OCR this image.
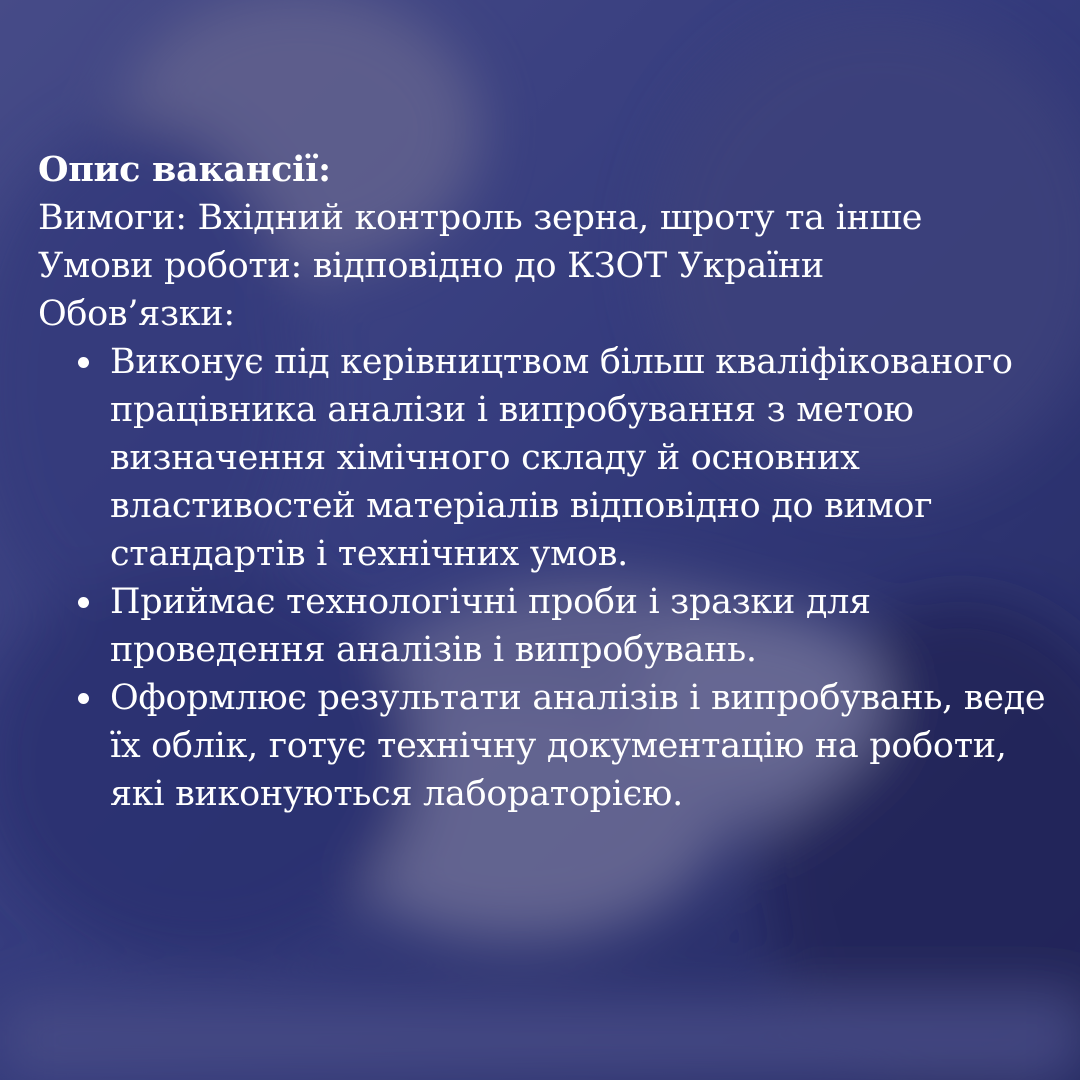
Опис вакансії:

Вимоги: Вхідний контроль зерна, шроту та інше

Умови роботи: відповідно до КЗОТ України

Обов’язки:

Виконує під керівництвом більш кваліфікованого працівника аналізи і випробування з метою визначення хімічного складу й основних властивостей матеріалів відповідно до вимог стандартів і технічних умов.
Приймає технологічні проби і зразки для проведення аналізів і випробувань.
Оформлює результати аналізів і випробувань, веде їх облік, готує технічну документацію на роботи, які виконуються лабораторією.
